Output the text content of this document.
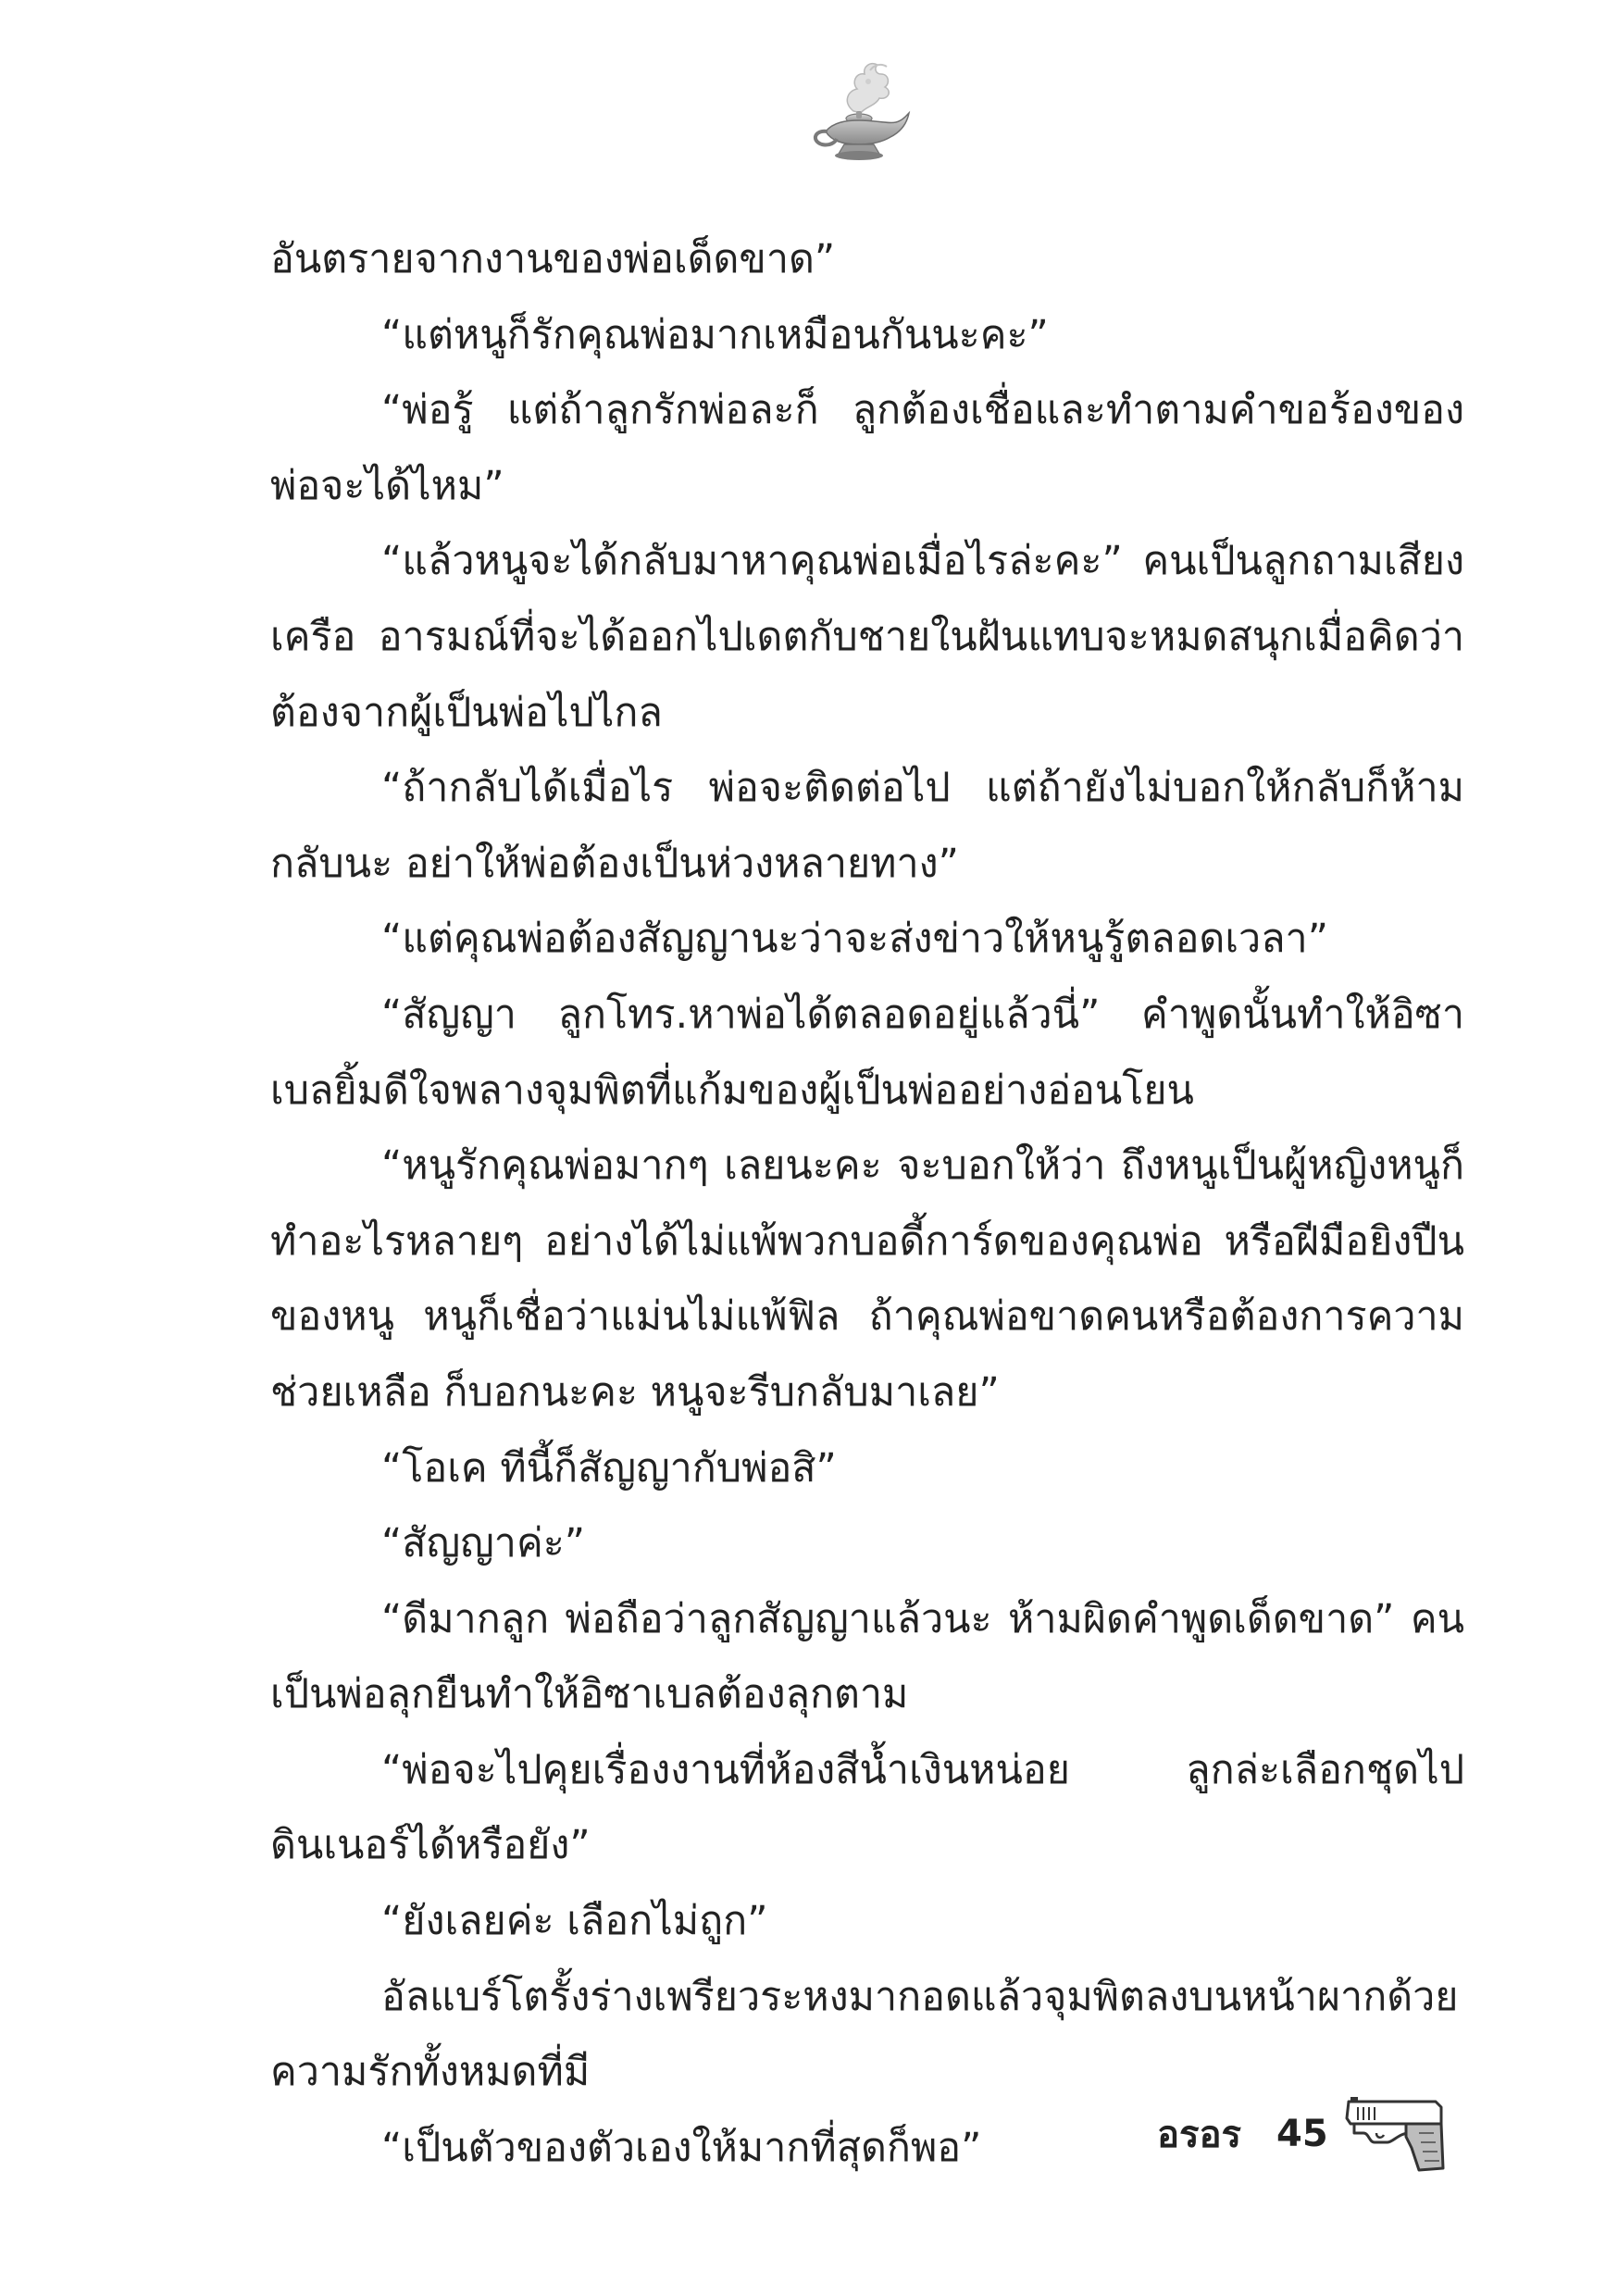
อันตรายจากงานของพ่อเด็ดขาด”

“แต่หนูก็รักคุณพ่อมากเหมือนกันนะคะ”

“พ่อรู้ แต่ถ้าลูกรักพ่อละก็ ลูกต้องเชื่อและทำตามคำขอร้องของพ่อจะได้ไหม”

“แล้วหนูจะได้กลับมาหาคุณพ่อเมื่อไรล่ะคะ” คนเป็นลูกถามเสียงเครือ อารมณ์ที่จะได้ออกไปเดตกับชายในฝันแทบจะหมดสนุกเมื่อคิดว่าต้องจากผู้เป็นพ่อไปไกล

“ถ้ากลับได้เมื่อไร พ่อจะติดต่อไป แต่ถ้ายังไม่บอกให้กลับก็ห้ามกลับนะ อย่าให้พ่อต้องเป็นห่วงหลายทาง”

“แต่คุณพ่อต้องสัญญานะว่าจะส่งข่าวให้หนูรู้ตลอดเวลา”

“สัญญา ลูกโทร.หาพ่อได้ตลอดอยู่แล้วนี่” คำพูดนั้นทำให้อิซาเบลยิ้มดีใจพลางจุมพิตที่แก้มของผู้เป็นพ่ออย่างอ่อนโยน

“หนูรักคุณพ่อมากๆ เลยนะคะ จะบอกให้ว่า ถึงหนูเป็นผู้หญิงหนูก็ทำอะไรหลายๆ อย่างได้ไม่แพ้พวกบอดี้การ์ดของคุณพ่อ หรือฝีมือยิงปืนของหนู หนูก็เชื่อว่าแม่นไม่แพ้ฟิล ถ้าคุณพ่อขาดคนหรือต้องการความช่วยเหลือ ก็บอกนะคะ หนูจะรีบกลับมาเลย”

“โอเค ทีนี้ก็สัญญากับพ่อสิ”

“สัญญาค่ะ”

“ดีมากลูก พ่อถือว่าลูกสัญญาแล้วนะ ห้ามผิดคำพูดเด็ดขาด” คนเป็นพ่อลุกยืนทำให้อิซาเบลต้องลุกตาม

“พ่อจะไปคุยเรื่องงานที่ห้องสีน้ำเงินหน่อย ลูกล่ะเลือกชุดไปดินเนอร์ได้หรือยัง”

“ยังเลยค่ะ เลือกไม่ถูก”

อัลแบร์โตรั้งร่างเพรียวระหงมากอดแล้วจุมพิตลงบนหน้าผากด้วยความรักทั้งหมดที่มี

“เป็นตัวของตัวเองให้มากที่สุดก็พอ”	อรอร 45
